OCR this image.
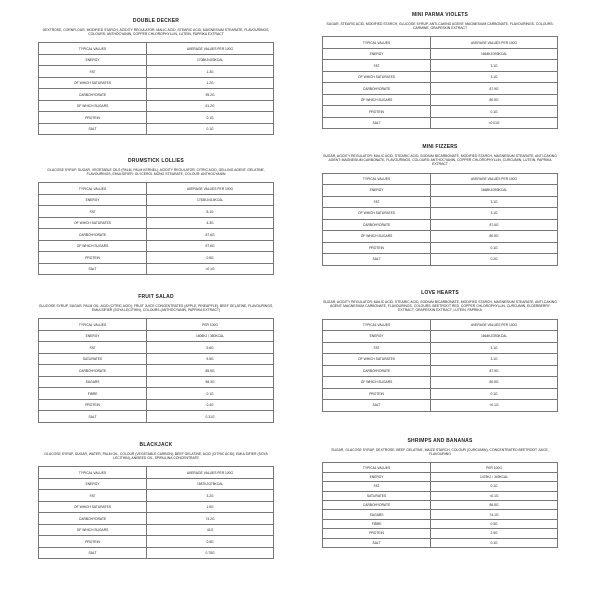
DOUBLE DECKER
DEXTROSE, CORNFLOUR, MODIFIED STARCH, ACIDITY REGULATOR: MALIC ACID, STEARIC ACID, MAGNESIUM STEARATE, FLAVOURINGS, COLOURS: ANTHOCYANIN, COPPER CHLOROPHYLLIN, LUTEIN, PAPRIKA EXTRACT
TYPICAL VALUES	AVERAGE VALUES PER 100G
ENERGY	1708KJ/403KCAL
FAT	1.3G
OF WHICH SATURATES	1.2G
CARBOHYDRATE	95.2G
OF WHICH SUGARS	61.2G
PROTEIN	0.1G
SALT	0.1G
DRUMSTICK LOLLIES
GLUCOSE SYRUP, SUGAR, VEGETABLE OILS (PALM, PALM KERNEL), ACIDITY REGULATOR: CITRIC ACID, GELLING AGENT: GELATINE, FLAVOURINGS, EMULSIFIER: GLYCEROL MONO STEARATE, COLOUR: ANTHOCYANIN
TYPICAL VALUES	AVERAGE VALUES PER 100G
ENERGY	1753KJ/414KCAL
FAT	8.1G
OF WHICH SATURATES	4.3G
CARBOHYDRATE	87.6G
OF WHICH SUGARS	57.6G
PROTEIN	0.5G
SALT	<0.1G
FRUIT SALAD
GLUCOSE SYRUP, SUGAR, PALM OIL, ACID (CITRIC ACID), FRUIT JUICE CONCENTRATES (APPLE, PINEAPPLE), BEEF GELATINE, FLAVOURINGS, EMULSIFIER (SOYA LECITHIN), COLOURS (ANTHOCYANIN, PAPRIKA EXTRACT)
TYPICAL VALUES	PER 100G
ENERGY	1606KJ / 380KCAL
FAT	5.6G
SATURATES	5.5G
CARBOHYDRATE	85.5G
SUGARS	58.3G
FIBRE	0.1G
PROTEIN	0.4G
SALT	0.31G
BLACKJACK
GLUCOSE SYRUP, SUGAR, WATER, PALM OIL, COLOUR (VEGETABLE CARBON), BEEF GELATINE, ACID (CITRIC ACID), EMULSIFIER (SOYA LECITHIN), ANISEED OIL, SPIRULINA CONCENTRATE
TYPICAL VALUES	AVERAGE VALUES PER 100G
ENERGY	1587KJ/375KCAL
FAT	3.2G
OF WHICH SATURATES	1.6G
CARBOHYDRATE	74.2G
OF WHICH SUGARS	41G
PROTEIN	0.5G
SALT	0.75G
MINI PARMA VIOLETS
SUGAR, STEARIC ACID, MODIFIED STARCH, GLUCOSE SYRUP, ANTI-CAKING AGENT: MAGNESIUM CARBONATE, FLAVOURINGS, COLOURS: CARMINE, GRAPESKIN EXTRACT
TYPICAL VALUES	AVERAGE VALUES PER 100G
ENERGY	1664KJ/393KCAL
FAT	3.1G
OF WHICH SATURATES	3.1G
CARBOHYDRATE	87.9G
OF WHICH SUGARS	80.5G
PROTEIN	0.1G
SALT	<0.01G
MINI FIZZERS
SUGAR, ACIDITY REGULATOR: MALIC ACID, STEARIC ACID, SODIUM BICARBONATE, MODIFIED STARCH, MAGNESIUM STEARATE, ANTI-CAKING AGENT: MAGNESIUM CARBONATE, FLAVOURINGS, COLOURS: ANTHOCYANIN, COPPER CHLOROPHYLLIN, CURCUMIN, LUTEIN, PAPRIKA EXTRACT
TYPICAL VALUES	AVERAGE VALUES PER 100G
ENERGY	1668KJ/393KCAL
FAT	3.1G
OF WHICH SATURATES	3.1G
CARBOHYDRATE	87.6G
OF WHICH SUGARS	80.5G
PROTEIN	0.1G
SALT	0.2G
LOVE HEARTS
SUGAR, ACIDITY REGULATOR: MALIC ACID, STEARIC ACID, SODIUM BICARBONATE, MODIFIED STARCH, MAGNESIUM STEARATE, ANTI-CAKING AGENT: MAGNESIUM CARBONATE, FLAVOURINGS, COLOURS: BEETROOT RED, COPPER CHLOROPHYLLIN, CURCUMIN, ELDERBERRY EXTRACT, GRAPESKIN EXTRACT, LUTEIN, PAPRIKA
TYPICAL VALUES	AVERAGE VALUES PER 100G
ENERGY	1664KJ/393KCAL
FAT	3.1G
OF WHICH SATURATES	3.1G
CARBOHYDRATE	87.9G
OF WHICH SUGARS	80.5G
PROTEIN	0.1G
SALT	<0.1G
SHRIMPS AND BANANAS
SUGAR, GLUCOSE SYRUP, DEXTROSE, BEEF GELATINE, MAIZE STARCH, COLOUR (CURCUMIN), CONCENTRATED BEETROOT JUICE, FLAVOURING
TYPICAL VALUES	PER 100G
ENERGY	1479KJ / 349KCAL
FAT	0.1G
SATURATES	<0.1G
CARBOHYDRATE	86.5G
SUGARS	74.1G
FIBRE	0.5G
PROTEIN	2.9G
SALT	0.1G
